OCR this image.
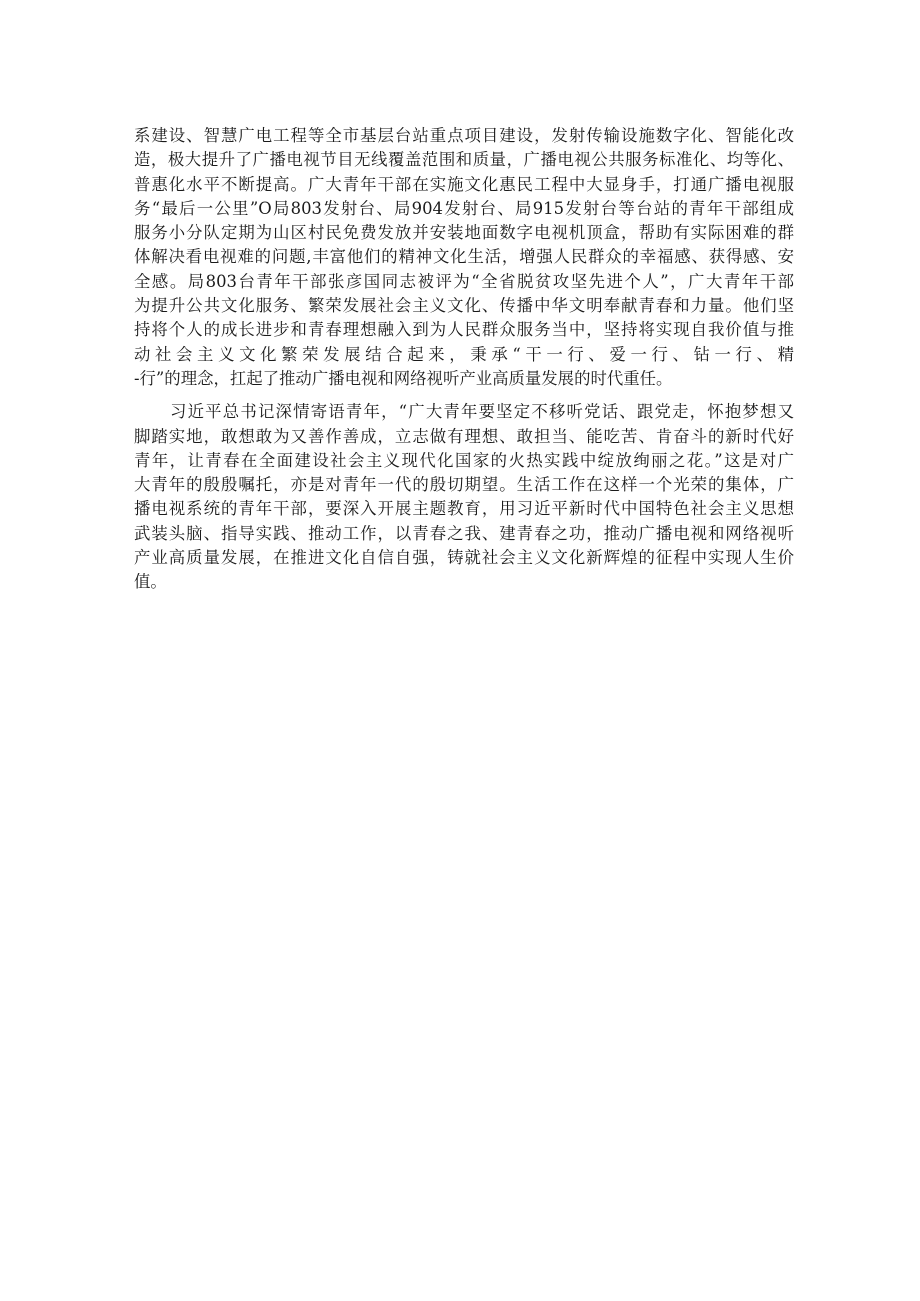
系建设、智慧广电工程等全市基层台站重点项目建设，发射传输设施数字化、智能化改
造，极大提升了广播电视节目无线覆盖范围和质量，广播电视公共服务标准化、均等化、
普惠化水平不断提高。广大青年干部在实施文化惠民工程中大显身手，打通广播电视服
务“最后一公里”O局803发射台、局904发射台、局915发射台等台站的青年干部组成
服务小分队定期为山区村民免费发放并安装地面数字电视机顶盒，帮助有实际困难的群
体解决看电视难的问题,丰富他们的精神文化生活，增强人民群众的幸福感、获得感、安
全感。局803台青年干部张彦国同志被评为“全省脱贫攻坚先进个人”，广大青年干部
为提升公共文化服务、繁荣发展社会主义文化、传播中华文明奉献青春和力量。他们坚
持将个人的成长进步和青春理想融入到为人民群众服务当中，坚持将实现自我价值与推
动社会主义文化繁荣发展结合起来，秉承“干一行、爱一行、钻一行、精
-行”的理念，扛起了推动广播电视和网络视听产业高质量发展的时代重任。

习近平总书记深情寄语青年，“广大青年要坚定不移听党话、跟党走，怀抱梦想又
脚踏实地，敢想敢为又善作善成，立志做有理想、敢担当、能吃苦、肯奋斗的新时代好
青年，让青春在全面建设社会主义现代化国家的火热实践中绽放绚丽之花。”这是对广
大青年的殷殷嘱托，亦是对青年一代的殷切期望。生活工作在这样一个光荣的集体，广
播电视系统的青年干部，要深入开展主题教育，用习近平新时代中国特色社会主义思想
武装头脑、指导实践、推动工作，以青春之我、建青春之功，推动广播电视和网络视听
产业高质量发展，在推进文化自信自强，铸就社会主义文化新辉煌的征程中实现人生价
值。
